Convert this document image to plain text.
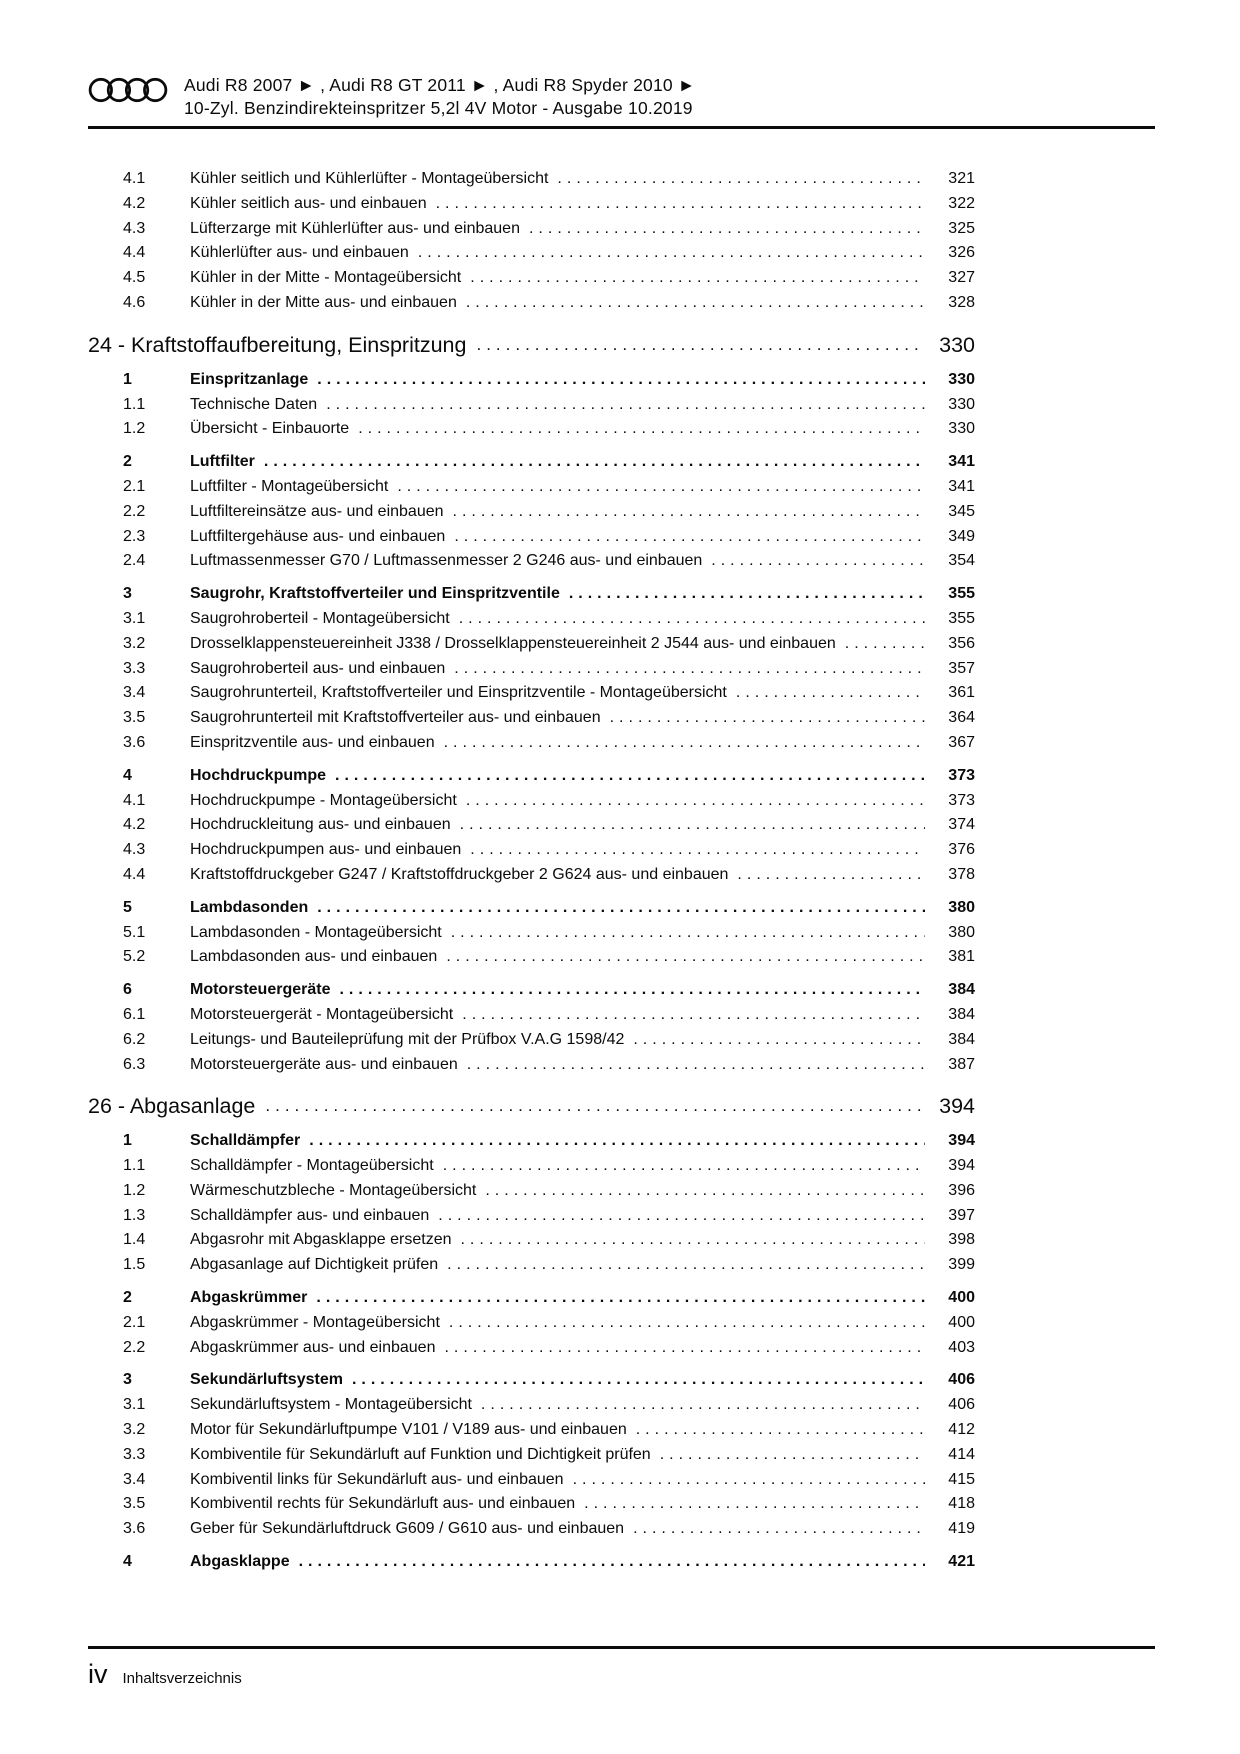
Audi R8 2007 ► , Audi R8 GT 2011 ► , Audi R8 Spyder 2010 ►
10-Zyl. Benzindirekteinspritzer 5,2l 4V Motor - Ausgabe 10.2019
4.1	Kühler seitlich und Kühlerlüfter - Montageübersicht .....	321
4.2	Kühler seitlich aus- und einbauen .....	322
4.3	Lüfterzarge mit Kühlerlüfter aus- und einbauen .....	325
4.4	Kühlerlüfter aus- und einbauen .....	326
4.5	Kühler in der Mitte - Montageübersicht .....	327
4.6	Kühler in der Mitte aus- und einbauen .....	328
24 - Kraftstoffaufbereitung, Einspritzung .....	330
1	Einspritzanlage .....	330
1.1	Technische Daten .....	330
1.2	Übersicht - Einbauorte .....	330
2	Luftfilter .....	341
2.1	Luftfilter - Montageübersicht .....	341
2.2	Luftfiltereinsätze aus- und einbauen .....	345
2.3	Luftfiltergehäuse aus- und einbauen .....	349
2.4	Luftmassenmesser G70 / Luftmassenmesser 2 G246 aus- und einbauen .....	354
3	Saugrohr, Kraftstoffverteiler und Einspritzventile .....	355
3.1	Saugrohroberteil - Montageübersicht .....	355
3.2	Drosselklappensteuereinheit J338 / Drosselklappensteuereinheit 2 J544 aus- und einbauen .....	356
3.3	Saugrohroberteil aus- und einbauen .....	357
3.4	Saugrohrunterteil, Kraftstoffverteiler und Einspritzventile - Montageübersicht .....	361
3.5	Saugrohrunterteil mit Kraftstoffverteiler aus- und einbauen .....	364
3.6	Einspritzventile aus- und einbauen .....	367
4	Hochdruckpumpe .....	373
4.1	Hochdruckpumpe - Montageübersicht .....	373
4.2	Hochdruckleitung aus- und einbauen .....	374
4.3	Hochdruckpumpen aus- und einbauen .....	376
4.4	Kraftstoffdruckgeber G247 / Kraftstoffdruckgeber 2 G624 aus- und einbauen .....	378
5	Lambdasonden .....	380
5.1	Lambdasonden - Montageübersicht .....	380
5.2	Lambdasonden aus- und einbauen .....	381
6	Motorsteuergeräte .....	384
6.1	Motorsteuergerät - Montageübersicht .....	384
6.2	Leitungs- und Bauteileprüfung mit der Prüfbox V.A.G 1598/42 .....	384
6.3	Motorsteuergeräte aus- und einbauen .....	387
26 - Abgasanlage .....	394
1	Schalldämpfer .....	394
1.1	Schalldämpfer - Montageübersicht .....	394
1.2	Wärmeschutzbleche - Montageübersicht .....	396
1.3	Schalldämpfer aus- und einbauen .....	397
1.4	Abgasrohr mit Abgasklappe ersetzen .....	398
1.5	Abgasanlage auf Dichtigkeit prüfen .....	399
2	Abgaskrümmer .....	400
2.1	Abgaskrümmer - Montageübersicht .....	400
2.2	Abgaskrümmer aus- und einbauen .....	403
3	Sekundärluftsystem .....	406
3.1	Sekundärluftsystem - Montageübersicht .....	406
3.2	Motor für Sekundärluftpumpe V101 / V189 aus- und einbauen .....	412
3.3	Kombiventile für Sekundärluft auf Funktion und Dichtigkeit prüfen .....	414
3.4	Kombiventil links für Sekundärluft aus- und einbauen .....	415
3.5	Kombiventil rechts für Sekundärluft aus- und einbauen .....	418
3.6	Geber für Sekundärluftdruck G609 / G610 aus- und einbauen .....	419
4	Abgasklappe .....	421
iv Inhaltsverzeichnis
